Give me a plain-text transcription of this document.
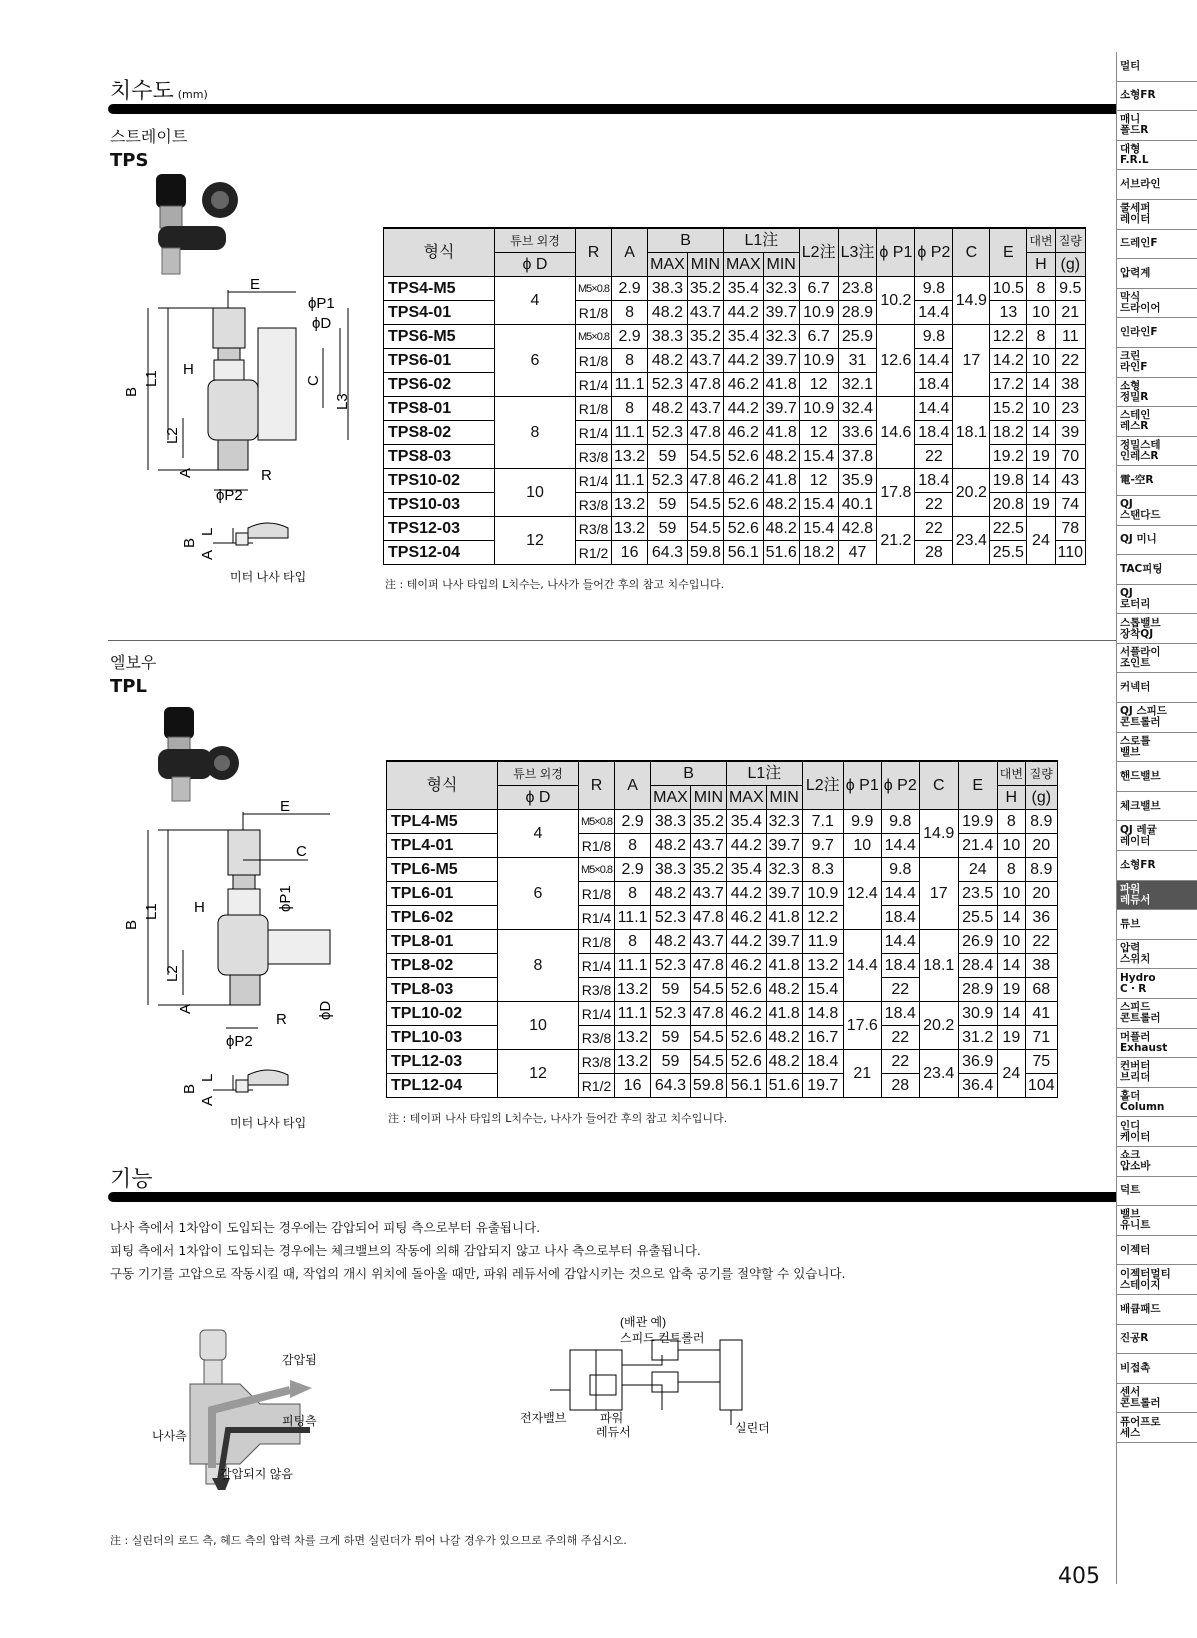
치수도 (mm)
스트레이트
TPS
E
ϕP1
ϕD
H
C
B
L1
L3
L2
A	R
ϕP2
B
L
A
미터 나사 타입
형식	튜브 외경	R	A	B		L1注		L2注	L3注	ϕ P1	ϕ P2	C	E	대변	질량
	ϕ D			MAX	MIN	MAX	MIN							H	(g)
TPS4-M5	4	M5×0.8	2.9	38.3	35.2	35.4	32.3	6.7	23.8	10.2	9.8	14.9	10.5	8	9.5
TPS4-01		R1/8	8	48.2	43.7	44.2	39.7	10.9	28.9		14.4		13	10	21
TPS6-M5	6	M5×0.8	2.9	38.3	35.2	35.4	32.3	6.7	25.9	12.6	9.8	17	12.2	8	11
TPS6-01		R1/8	8	48.2	43.7	44.2	39.7	10.9	31		14.4		14.2	10	22
TPS6-02		R1/4	11.1	52.3	47.8	46.2	41.8	12	32.1		18.4		17.2	14	38
TPS8-01	8	R1/8	8	48.2	43.7	44.2	39.7	10.9	32.4	14.6	14.4	18.1	15.2	10	23
TPS8-02		R1/4	11.1	52.3	47.8	46.2	41.8	12	33.6		18.4		18.2	14	39
TPS8-03		R3/8	13.2	59	54.5	52.6	48.2	15.4	37.8		22		19.2	19	70
TPS10-02	10	R1/4	11.1	52.3	47.8	46.2	41.8	12	35.9	17.8	18.4	20.2	19.8	14	43
TPS10-03		R3/8	13.2	59	54.5	52.6	48.2	15.4	40.1		22		20.8	19	74
TPS12-03	12	R3/8	13.2	59	54.5	52.6	48.2	15.4	42.8	21.2	22	23.4	22.5	24	78
TPS12-04		R1/2	16	64.3	59.8	56.1	51.6	18.2	47		28		25.5		110
注 : 테이퍼 나사 타입의 L치수는, 나사가 들어간 후의 참고 치수입니다.
엘보우
TPL
E
C
H	ϕP1
B
L1
L2
A
R ϕD
ϕP2
B
L
A
미터 나사 타입
형식	튜브 외경	R	A	B		L1注		L2注	ϕ P1	ϕ P2	C	E	대변	질량
	ϕ D			MAX	MIN	MAX	MIN						H	(g)
TPL4-M5	4	M5×0.8	2.9	38.3	35.2	35.4	32.3	7.1	9.9	9.8	14.9	19.9	8	8.9
TPL4-01		R1/8	8	48.2	43.7	44.2	39.7	9.7	10	14.4		21.4	10	20
TPL6-M5	6	M5×0.8	2.9	38.3	35.2	35.4	32.3	8.3	12.4	9.8	17	24	8	8.9
TPL6-01		R1/8	8	48.2	43.7	44.2	39.7	10.9		14.4		23.5	10	20
TPL6-02		R1/4	11.1	52.3	47.8	46.2	41.8	12.2		18.4		25.5	14	36
TPL8-01	8	R1/8	8	48.2	43.7	44.2	39.7	11.9	14.4	14.4	18.1	26.9	10	22
TPL8-02		R1/4	11.1	52.3	47.8	46.2	41.8	13.2		18.4		28.4	14	38
TPL8-03		R3/8	13.2	59	54.5	52.6	48.2	15.4		22		28.9	19	68
TPL10-02	10	R1/4	11.1	52.3	47.8	46.2	41.8	14.8	17.6	18.4	20.2	30.9	14	41
TPL10-03		R3/8	13.2	59	54.5	52.6	48.2	16.7		22		31.2	19	71
TPL12-03	12	R3/8	13.2	59	54.5	52.6	48.2	18.4	21	22	23.4	36.9	24	75
TPL12-04		R1/2	16	64.3	59.8	56.1	51.6	19.7		28		36.4		104
注 : 테이퍼 나사 타입의 L치수는, 나사가 들어간 후의 참고 치수입니다.
기능
나사 측에서 1차압이 도입되는 경우에는 감압되어 피팅 측으로부터 유출됩니다.
피팅 측에서 1차압이 도입되는 경우에는 체크밸브의 작동에 의해 감압되지 않고 나사 측으로부터 유출됩니다.
구동 기기를 고압으로 작동시킬 때, 작업의 개시 위치에 돌아올 때만, 파워 레듀서에 감압시키는 것으로 압축 공기를 절약할 수 있습니다.
감압됨
피팅측
나사측
감압되지 않음
(배관 예)
스피드 컨트롤러
전자밸브	파워
레듀서	실린더
注 : 실린더의 로드 측, 헤드 측의 압력 차를 크게 하면 실린더가 튀어 나갈 경우가 있으므로 주의해 주십시오.
멀티
소형FR
매니
폴드R
대형
F.R.L
서브라인
쿨세퍼
레이터
드레인F
압력계
막식
드라이어
인라인F
크린
라인F
소형
정밀R
스테인
레스R
정밀스테
인레스R
電-空R
QJ
스탠다드
QJ 미니
TAC피팅
QJ
로터리
스톱밸브
장착QJ
서플라이
조인트
커넥터
QJ 스피드
콘트롤러
스로틀
밸브
핸드밸브
체크밸브
QJ 레귤
레이터
소형FR
파워
레듀서
튜브
압력
스위치
Hydro
C・R
스피드
콘트롤러
머플러
Exhaust
컨버터
브리더
홀더
Column
인디
케이터
쇼크
압소바
덕트
밸브
유니트
이젝터
이젝터멀티
스테이지
배큠패드
진공R
비접촉
센서
콘트롤러
퓨어프로
세스
405
